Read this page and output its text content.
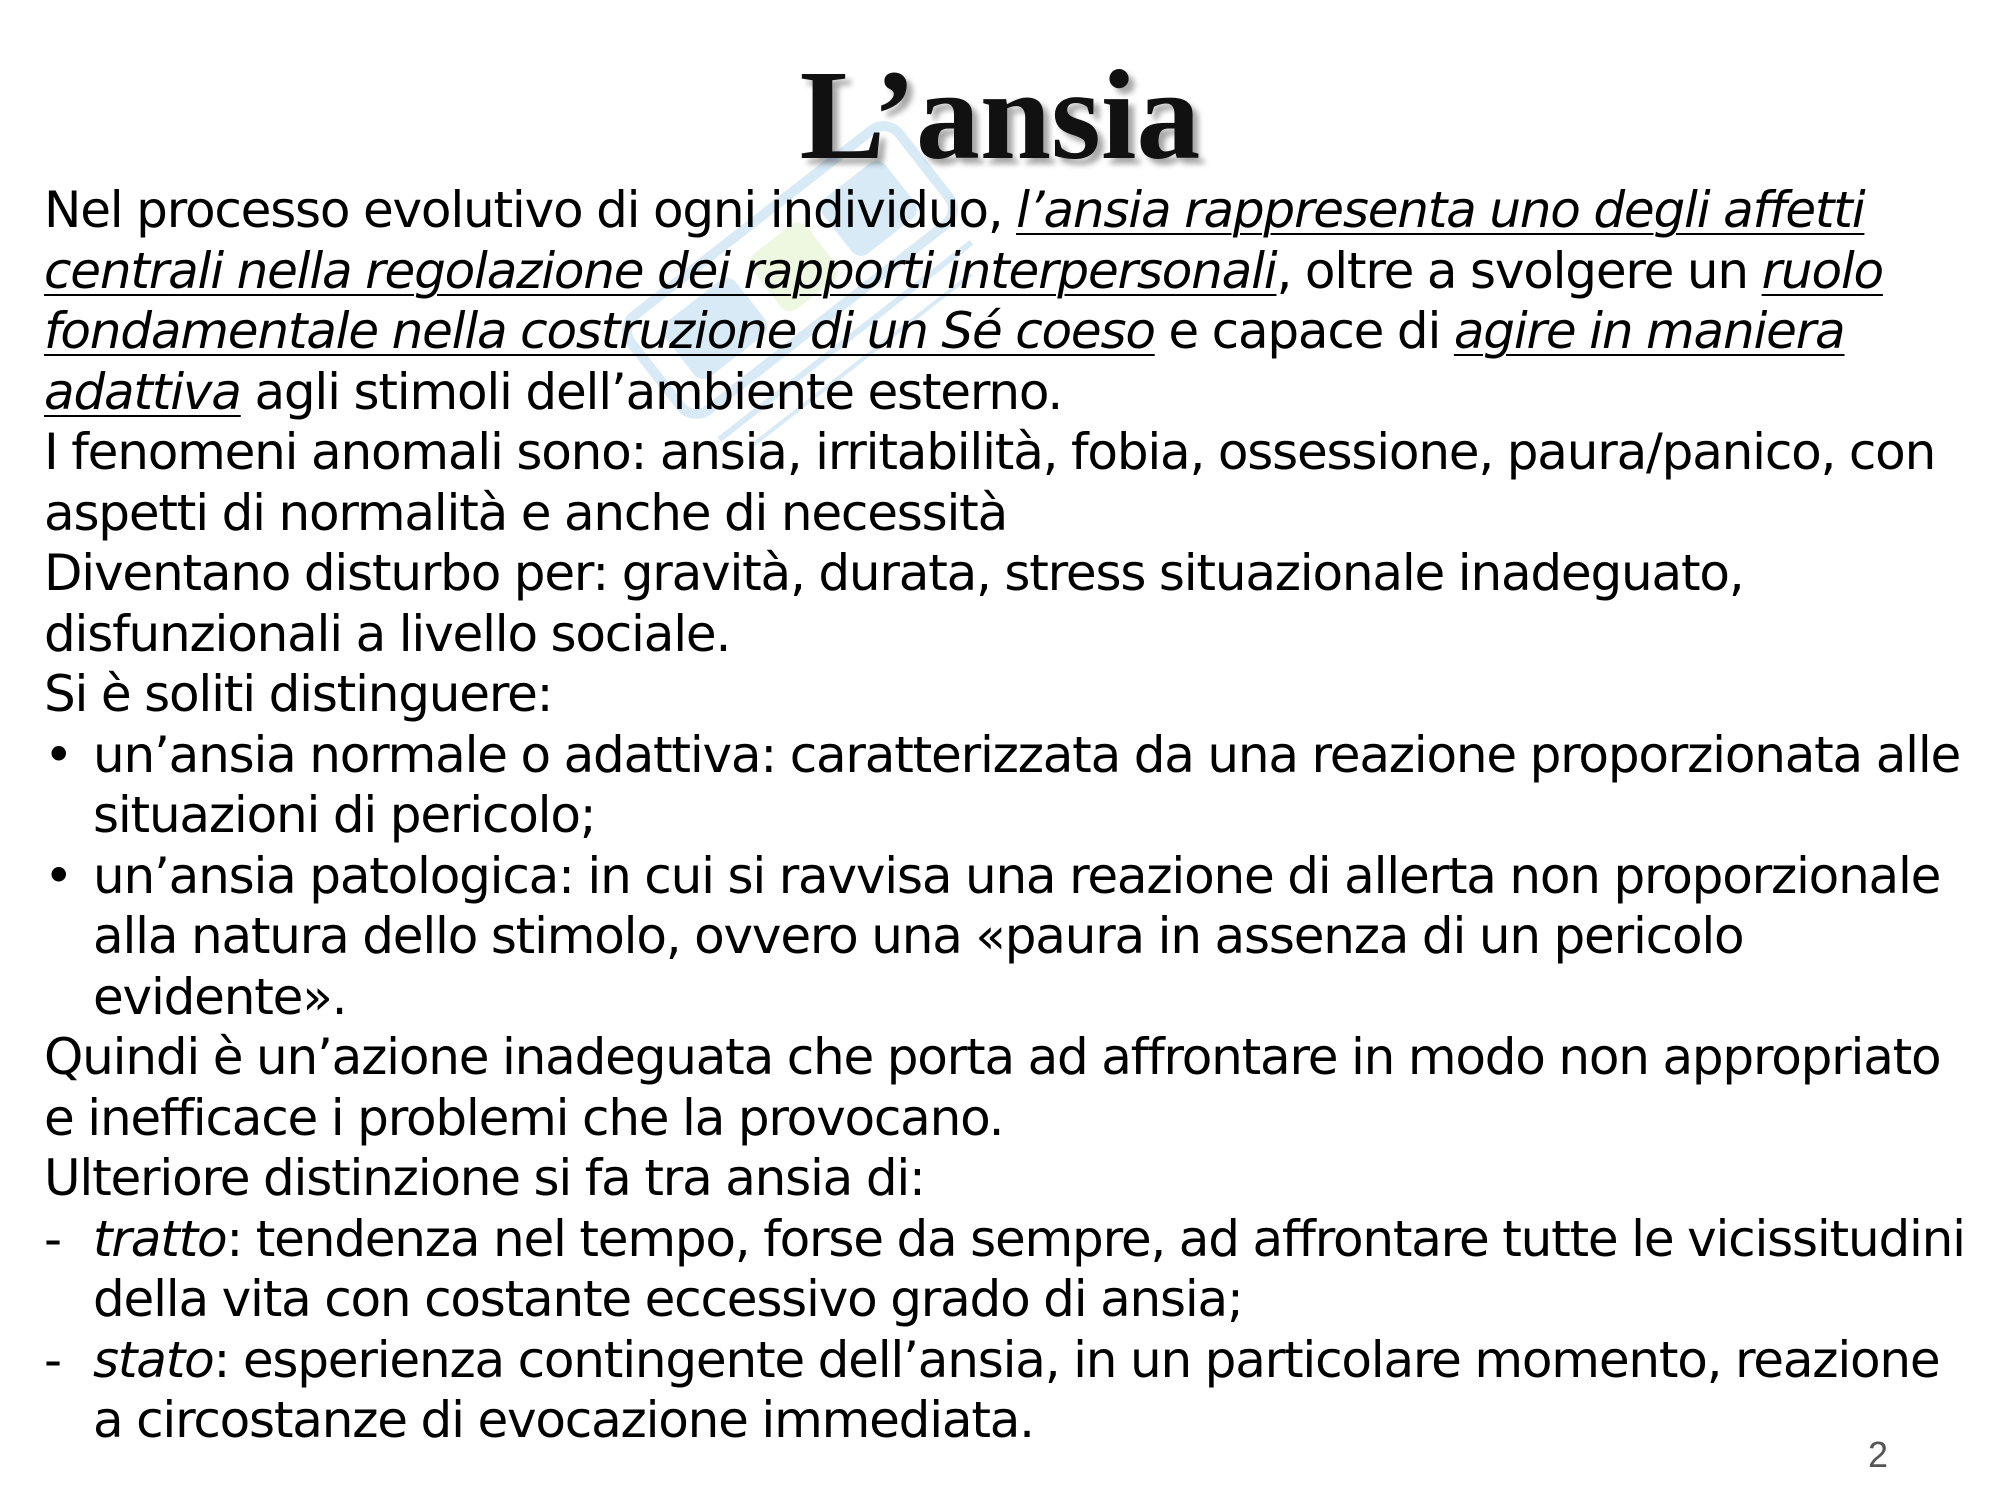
L’ansia

Nel processo evolutivo di ogni individuo, l’ansia rappresenta uno degli affetti centrali nella regolazione dei rapporti interpersonali, oltre a svolgere un ruolo fondamentale nella costruzione di un Sé coeso e capace di agire in maniera adattiva agli stimoli dell’ambiente esterno.

I fenomeni anomali sono: ansia, irritabilità, fobia, ossessione, paura/panico, con aspetti di normalità e anche di necessità

Diventano disturbo per: gravità, durata, stress situazionale inadeguato, disfunzionali a livello sociale.

Si è soliti distinguere:

• un’ansia normale o adattiva: caratterizzata da una reazione proporzionata alle situazioni di pericolo;
• un’ansia patologica: in cui si ravvisa una reazione di allerta non proporzionale alla natura dello stimolo, ovvero una «paura in assenza di un pericolo evidente».

Quindi è un’azione inadeguata che porta ad affrontare in modo non appropriato e inefficace i problemi che la provocano.

Ulteriore distinzione si fa tra ansia di:

- tratto: tendenza nel tempo, forse da sempre, ad affrontare tutte le vicissitudini della vita con costante eccessivo grado di ansia;
- stato: esperienza contingente dell’ansia, in un particolare momento, reazione a circostanze di evocazione immediata.
2
